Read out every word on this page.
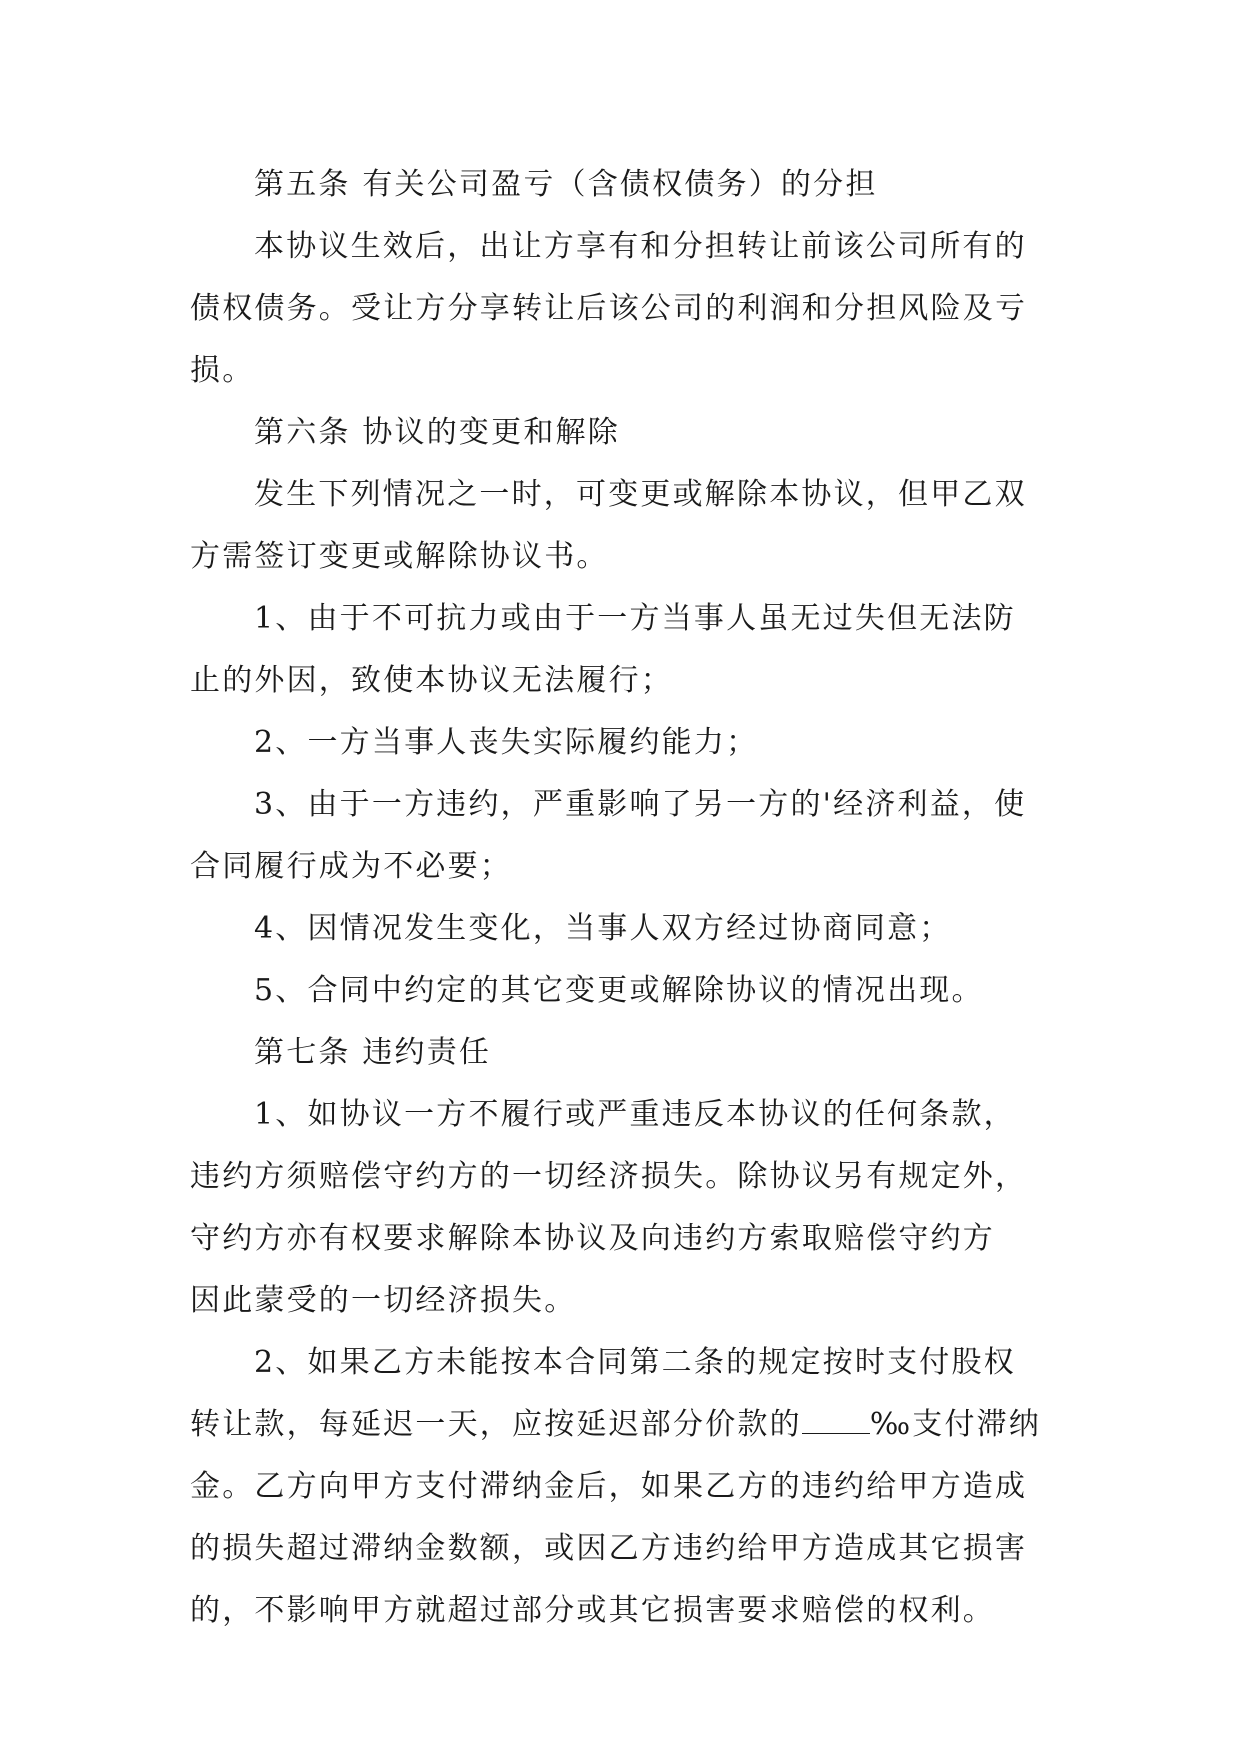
第五条 有关公司盈亏（含债权债务）的分担

本协议生效后，出让方享有和分担转让前该公司所有的
债权债务。受让方分享转让后该公司的利润和分担风险及亏
损。

第六条 协议的变更和解除

发生下列情况之一时，可变更或解除本协议，但甲乙双
方需签订变更或解除协议书。

1、由于不可抗力或由于一方当事人虽无过失但无法防
止的外因，致使本协议无法履行；

2、一方当事人丧失实际履约能力；

3、由于一方违约，严重影响了另一方的'经济利益，使
合同履行成为不必要；

4、因情况发生变化，当事人双方经过协商同意；

5、合同中约定的其它变更或解除协议的情况出现。

第七条 违约责任

1、如协议一方不履行或严重违反本协议的任何条款，
违约方须赔偿守约方的一切经济损失。除协议另有规定外，
守约方亦有权要求解除本协议及向违约方索取赔偿守约方
因此蒙受的一切经济损失。

2、如果乙方未能按本合同第二条的规定按时支付股权
转让款，每延迟一天，应按延迟部分价款的 ‰支付滞纳
金。乙方向甲方支付滞纳金后，如果乙方的违约给甲方造成
的损失超过滞纳金数额，或因乙方违约给甲方造成其它损害
的，不影响甲方就超过部分或其它损害要求赔偿的权利。
